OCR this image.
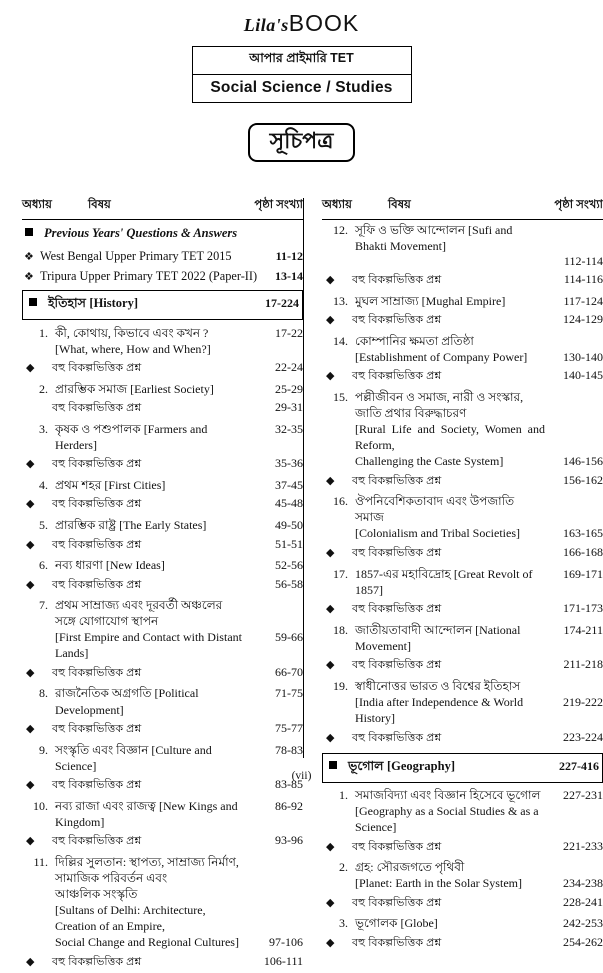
Lila'sBOOK
আপার প্রাইমারি TET
Social Science / Studies
সূচিপত্র
অধ্যায়	বিষয়	পৃষ্ঠা সংখ্যা
Previous Years' Questions & Answers
❖ West Bengal Upper Primary TET 2015	11-12
❖ Tripura Upper Primary TET 2022 (Paper-II)	13-14
ইতিহাস [History]	17-224
1. কী, কোথায়, কিভাবে এবং কখন ?	17-22
[What, where, How and When?]
◆	বহু বিকল্পভিত্তিক প্রশ্ন	22-24
2. প্রারম্ভিক সমাজ [Earliest Society]	25-29
বহু বিকল্পভিত্তিক প্রশ্ন	29-31
3. কৃষক ও পশুপালক [Farmers and Herders]
32-35
◆	বহু বিকল্পভিত্তিক প্রশ্ন	35-36
4. প্রথম শহর [First Cities]	37-45
◆	বহু বিকল্পভিত্তিক প্রশ্ন	45-48
5. প্রারম্ভিক রাষ্ট্র [The Early States]	49-50
◆	বহু বিকল্পভিত্তিক প্রশ্ন	51-51
6. নব্য ধারণা [New Ideas]	52-56
◆	বহু বিকল্পভিত্তিক প্রশ্ন	56-58
7. প্রথম সাম্রাজ্য এবং দূরবর্তী অঞ্চলের সঙ্গে যোগাযোগ স্থাপন
[First Empire and Contact with Distant Lands]
59-66
◆	বহু বিকল্পভিত্তিক প্রশ্ন	66-70
8. রাজনৈতিক অগ্রগতি [Political Development]
71-75
◆	বহু বিকল্পভিত্তিক প্রশ্ন	75-77
9. সংস্কৃতি এবং বিজ্ঞান [Culture and Science]
78-83
◆	বহু বিকল্পভিত্তিক প্রশ্ন	83-85
10. নব্য রাজা এবং রাজত্ব [New Kings and Kingdom]
86-92
◆	বহু বিকল্পভিত্তিক প্রশ্ন	93-96
11. দিল্লির সুলতান: স্থাপত্য, সাম্রাজ্য নির্মাণ, সামাজিক পরিবর্তন এবং
আঞ্চলিক সংস্কৃতি
[Sultans of Delhi: Architecture, Creation of an Empire,
Social Change and Regional Cultures]	97-106
◆	বহু বিকল্পভিত্তিক প্রশ্ন	106-111
অধ্যায়	বিষয়	পৃষ্ঠা সংখ্যা
12. সূফি ও ভক্তি আন্দোলন [Sufi and Bhakti Movement]
112-114
◆	বহু বিকল্পভিত্তিক প্রশ্ন	114-116
13. মুঘল সাম্রাজ্য [Mughal Empire]	117-124
◆	বহু বিকল্পভিত্তিক প্রশ্ন	124-129
14. কোম্পানির ক্ষমতা প্রতিষ্ঠা
[Establishment of Company Power]	130-140
◆	বহু বিকল্পভিত্তিক প্রশ্ন	140-145
15. পল্লীজীবন ও সমাজ, নারী ও সংস্কার, জাতি প্রথার বিরুদ্ধাচরণ
[Rural Life and Society, Women and Reform,
Challenging the Caste System]	146-156
◆	বহু বিকল্পভিত্তিক প্রশ্ন	156-162
16. ঔপনিবেশিকতাবাদ এবং উপজাতি সমাজ
[Colonialism and Tribal Societies]	163-165
◆	বহু বিকল্পভিত্তিক প্রশ্ন	166-168
17. 1857-এর মহাবিদ্রোহ [Great Revolt of 1857]
169-171
◆	বহু বিকল্পভিত্তিক প্রশ্ন	171-173
18. জাতীয়তাবাদী আন্দোলন [National Movement]
174-211
◆	বহু বিকল্পভিত্তিক প্রশ্ন	211-218
19. স্বাধীনোত্তর ভারত ও বিশ্বের ইতিহাস
[India after Independence & World History]
219-222
◆	বহু বিকল্পভিত্তিক প্রশ্ন	223-224
ভূগোল [Geography]	227-416
1. সমাজবিদ্যা এবং বিজ্ঞান হিসেবে ভূগোল	227-231
[Geography as a Social Studies & as a Science]
◆	বহু বিকল্পভিত্তিক প্রশ্ন	221-233
2. গ্রহ: সৌরজগতে পৃথিবী
[Planet: Earth in the Solar System]	234-238
◆	বহু বিকল্পভিত্তিক প্রশ্ন	228-241
3. ভূগোলক [Globe]	242-253
◆	বহু বিকল্পভিত্তিক প্রশ্ন	254-262
(vii)
